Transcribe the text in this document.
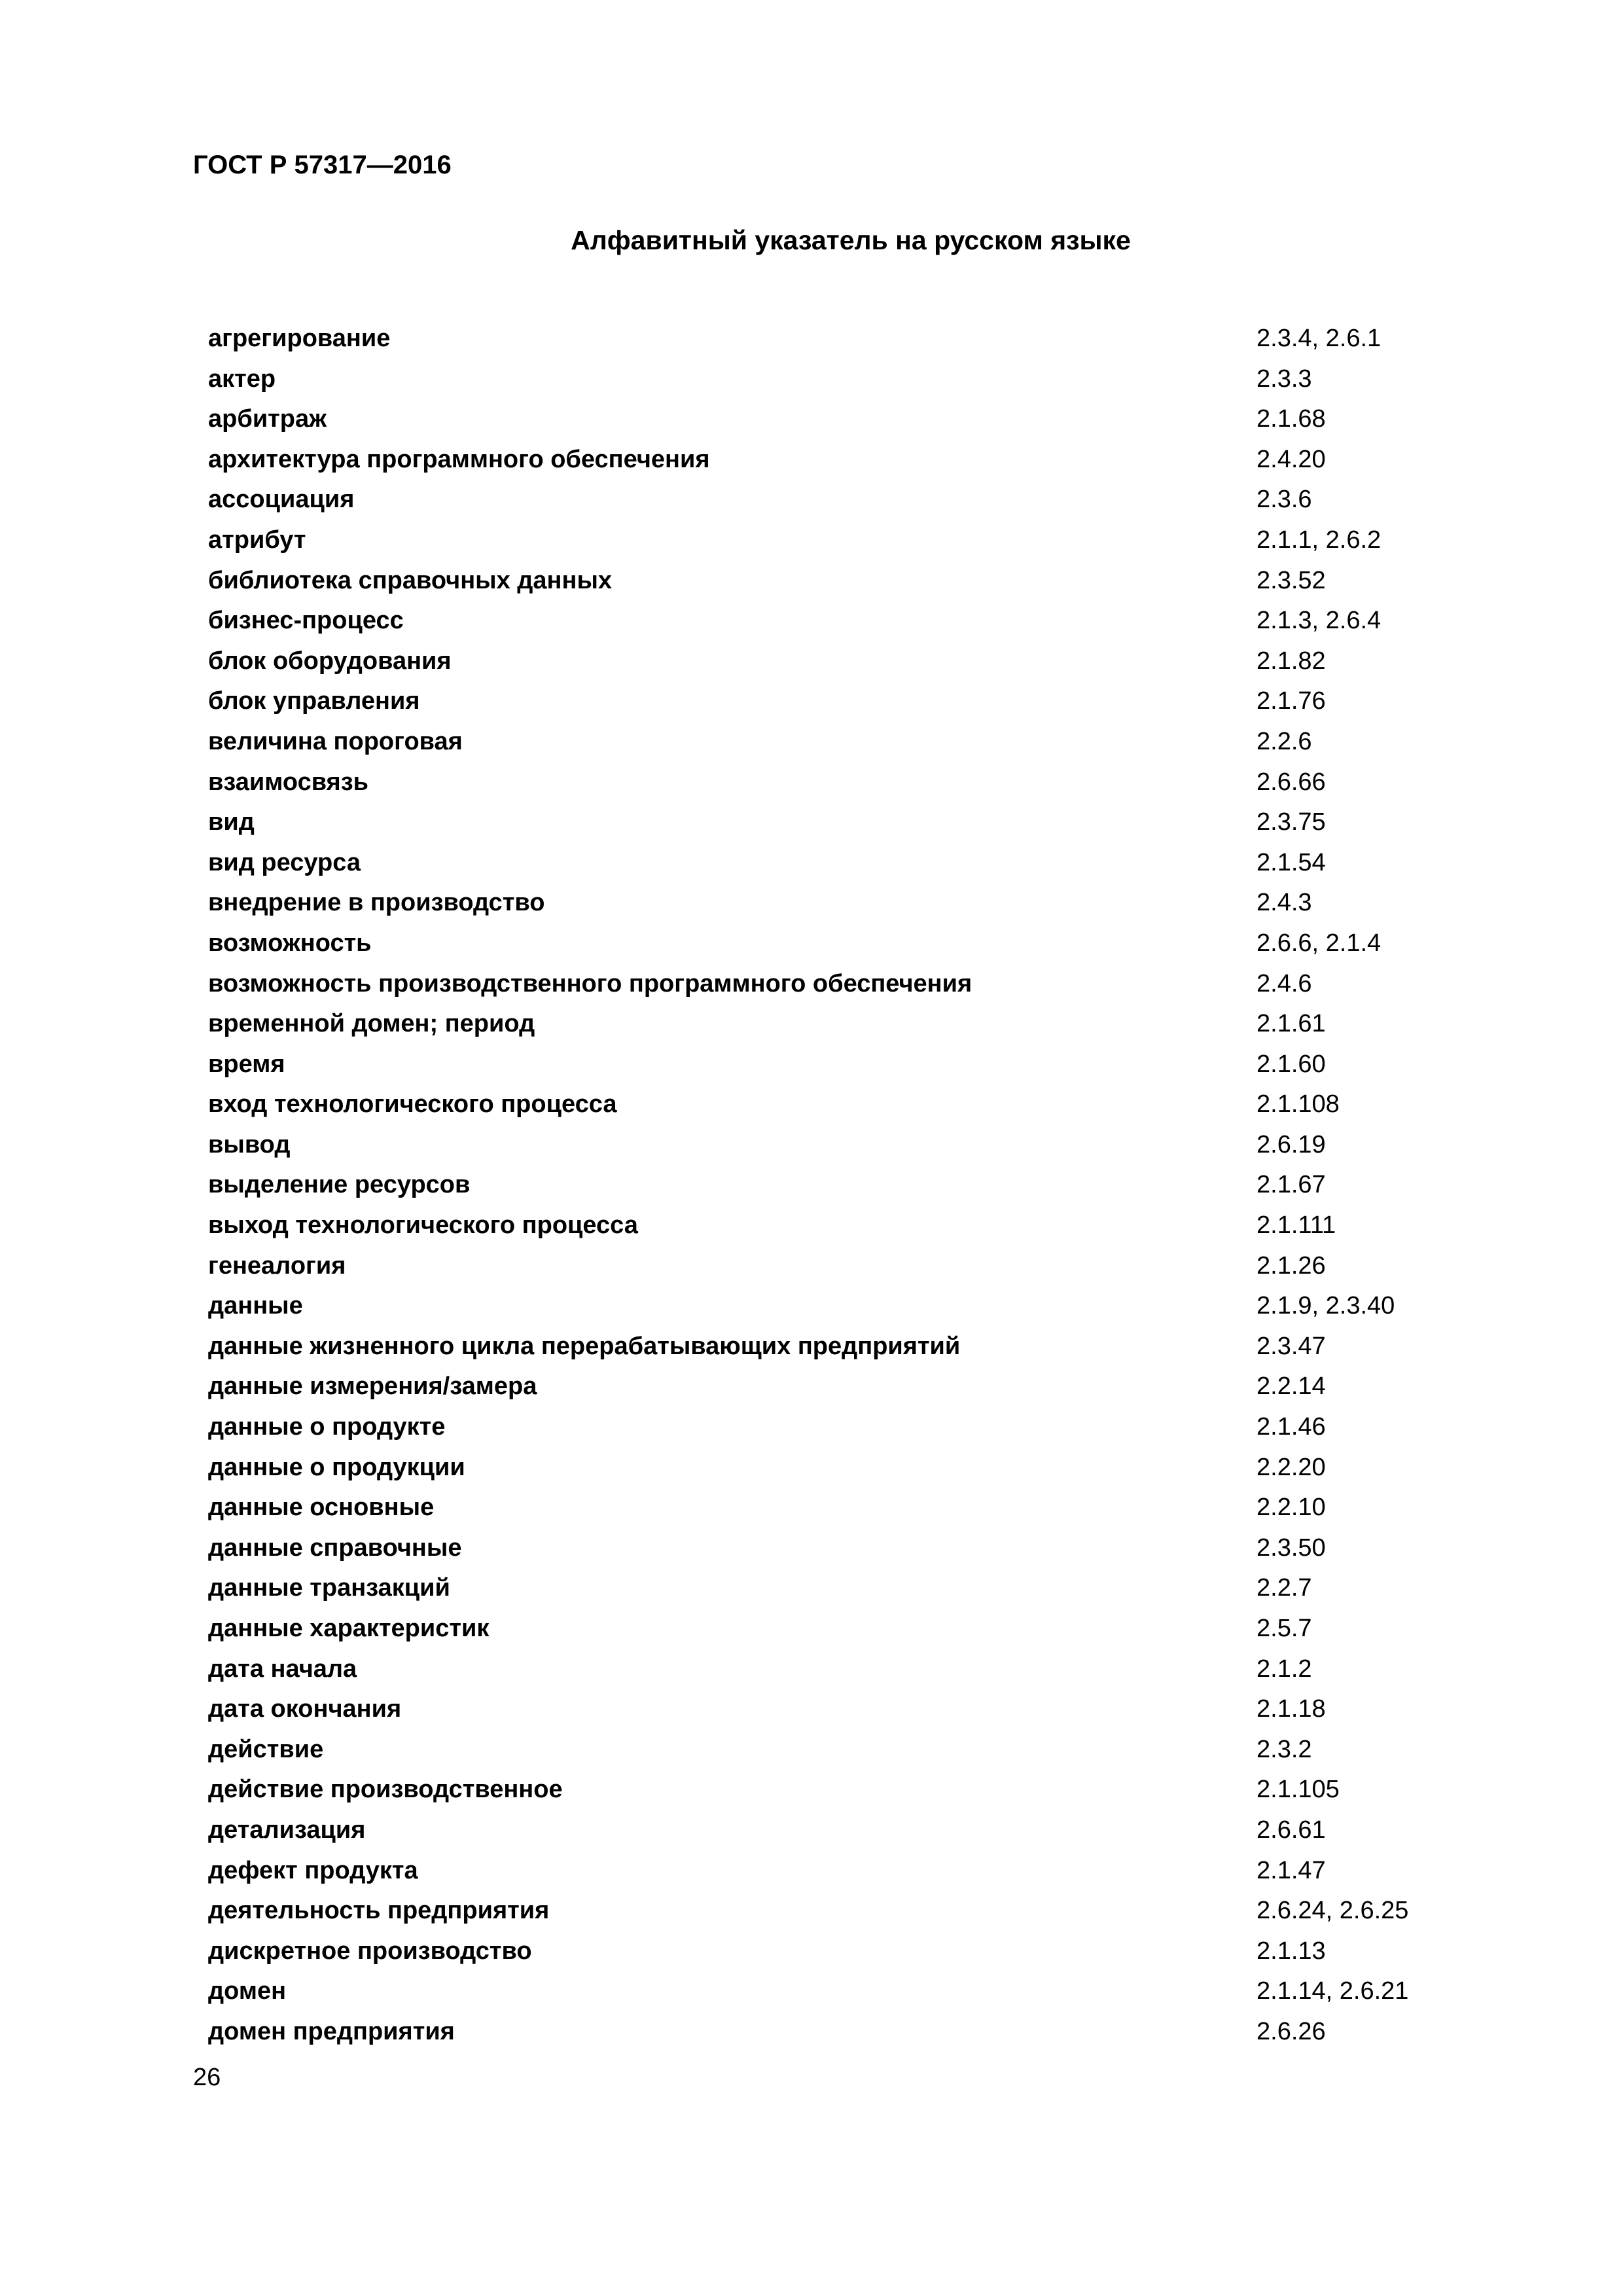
ГОСТ Р 57317—2016
Алфавитный указатель на русском языке
агрегирование	2.3.4, 2.6.1
актер	2.3.3
арбитраж	2.1.68
архитектура программного обеспечения	2.4.20
ассоциация	2.3.6
атрибут	2.1.1, 2.6.2
библиотека справочных данных	2.3.52
бизнес-процесс	2.1.3, 2.6.4
блок оборудования	2.1.82
блок управления	2.1.76
величина пороговая	2.2.6
взаимосвязь	2.6.66
вид	2.3.75
вид ресурса	2.1.54
внедрение в производство	2.4.3
возможность	2.6.6, 2.1.4
возможность производственного программного обеспечения	2.4.6
временной домен; период	2.1.61
время	2.1.60
вход технологического процесса	2.1.108
вывод	2.6.19
выделение ресурсов	2.1.67
выход технологического процесса	2.1.111
генеалогия	2.1.26
данные	2.1.9, 2.3.40
данные жизненного цикла перерабатывающих предприятий	2.3.47
данные измерения/замера	2.2.14
данные о продукте	2.1.46
данные о продукции	2.2.20
данные основные	2.2.10
данные справочные	2.3.50
данные транзакций	2.2.7
данные характеристик	2.5.7
дата начала	2.1.2
дата окончания	2.1.18
действие	2.3.2
действие производственное	2.1.105
детализация	2.6.61
дефект продукта	2.1.47
деятельность предприятия	2.6.24, 2.6.25
дискретное производство	2.1.13
домен	2.1.14, 2.6.21
домен предприятия	2.6.26
26
